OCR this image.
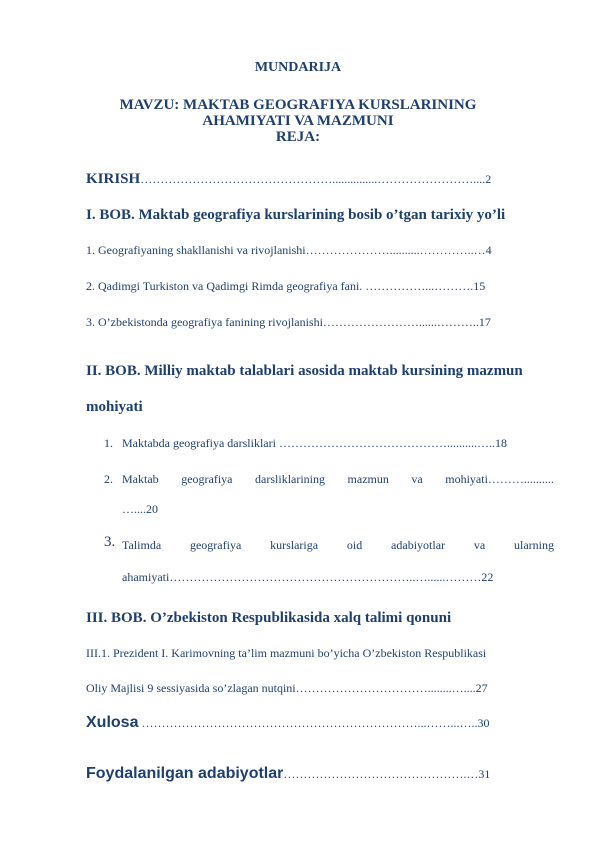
MUNDARIJA

MAVZU: MAKTAB GEOGRAFIYA KURSLARINING

AHAMIYATI VA MAZMUNI

REJA:

KIRISH…………………………………………...............……………………....2

I. BOB. Maktab geografiya kurslarining bosib o’tgan tarixiy yo’li

1. Geografiyaning shakllanishi va rivojlanishi…………………..........…………..…4

2. Qadimgi Turkiston va Qadimgi Rimda geografiya fani. ……………...……….15

3. O’zbekistonda geografiya fanining rivojlanishi……………………......………..17

II. BOB. Milliy maktab talablari asosida maktab kursining mazmun

mohiyati

1. Maktabda geografiya darsliklari ……………………………………..........…..18

2. Maktab geografiya darsliklarining mazmun va mohiyati………..........

…....20

3. Talimda geografiya kurslariga oid adabiyotlar va ularning

ahamiyati……………………………………………………..…......………22

III. BOB. O’zbekiston Respublikasida xalq talimi qonuni

III.1. Prezident I. Karimovning ta’lim mazmuni bo’yicha O’zbekiston Respublikasi

Oliy Majlisi 9 sessiyasida so’zlagan nutqini……………………………........…....27

Xulosa ……………………………………………………………...……...…..30

Foydalanilgan adabiyotlar……………………………………….…31
